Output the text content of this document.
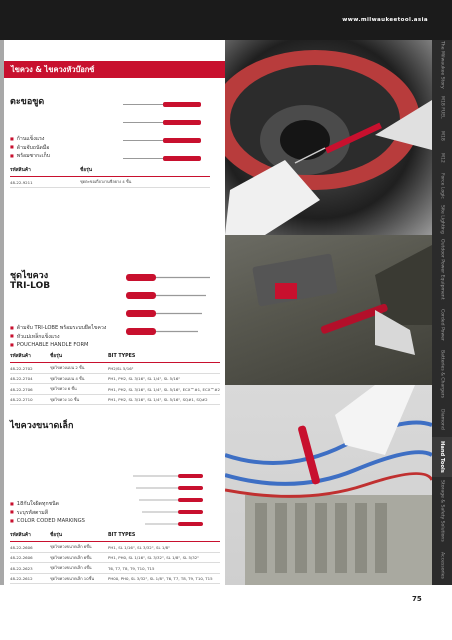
www.milwaukeetool.asia
ไขควง & ไขควงหัวบ๊อกซ์	The Milwaukee Story
M18 FUEL
M18
M12
Force Logic
Site Lighting
Outdoor Power Equipment
Corded Power
Batteries & Chargers
Diamond
Hand Tools
Storage & Safety Solutions
Accessories
75
ตะขอขูด
■ ก้านแข็งแรง
■ ด้ามจับถนัดมือ
■ พร้อมซากะเก็บ
รหัสสินค้า	ชื่อรุ่น
48-22-9211	ชุดตะขอเกี่ยวงานซีลยาง 4 ชิ้น
ชุดไขควง
TRI-LOB
■ ด้ามจับ TRI-LOBE พร้อมระบบยึดไขควง
■ หัวแม่เหล็กแข็งแรง
■ POUCHABLE HANDLE FORM
รหัสสินค้า	ชื่อรุ่น	BIT TYPES
48-22-2702	ชุดไขควงแบน 2 ชิ้น	PH2/SL 5/16"
48-22-2704	ชุดไขควงแบน 4 ชิ้น	PH1, PH2, SL 3/16", SL 1/4", SL 5/16"
48-22-2706	ชุดไขควง 6 ชิ้น	PH1, PH2, SL 3/16", SL 1/4", SL 5/16", ECX™#1, ECX™#2
48-22-2710	ชุดไขควง 10 ชิ้น	PH1, PH2, SL 3/16", SL 1/4", SL 5/16", SQ#1, SQ#2
ไขควงขนาดเล็ก
■ 18กันใจผิดทุกชนิด
■ ระบุรหัสตามสี
■ COLOR CODED MARKINGS
รหัสสินค้า	ชื่อรุ่น	BIT TYPES
48-22-2606	ชุดไขควงขนาดเล็ก 6ชิ้น	PH1, SL 1/16", SL 3/32", SL 1/8"
48-22-2606	ชุดไขควงขนาดเล็ก 6ชิ้น	PH1, PH0, SL 1/16", SL 3/32", SL 1/8", SL 5/32"
48-22-2623	ชุดไขควงขนาดเล็ก 4ชิ้น	T6, T7, T8, T9, T10, T15
48-22-2612	ชุดไขควงขนาดเล็ก 10ชิ้น	PH00, PH0, SL 3/32", SL 1/8", T6, T7, T8, T9, T10, T15
